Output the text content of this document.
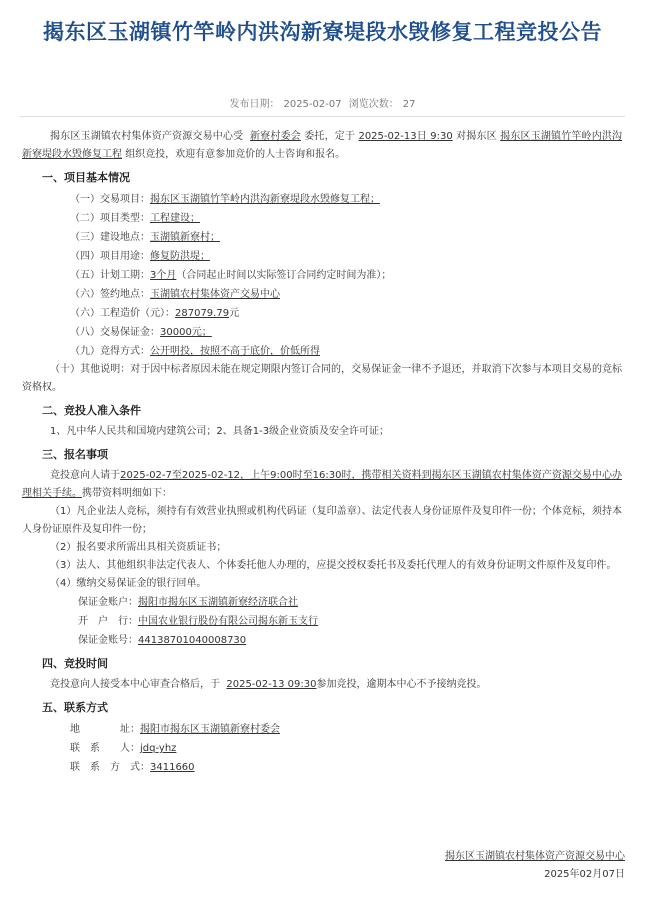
揭东区玉湖镇竹竿岭内洪沟新寮堤段水毁修复工程竞投公告
发布日期： 2025-02-07 浏览次数： 27

揭东区玉湖镇农村集体资产资源交易中心受 新寮村委会 委托，定于 2025-02-13日 9:30 对揭东区 揭东区玉湖镇竹竿岭内洪沟新寮堤段水毁修复工程 组织竞投，欢迎有意参加竞价的人士咨询和报名。

一、项目基本情况

（一）交易项目：揭东区玉湖镇竹竿岭内洪沟新寮堤段水毁修复工程；

（二）项目类型：工程建设；

（三）建设地点：玉湖镇新寮村；

（四）项目用途：修复防洪堤；

（五）计划工期：3个月（合同起止时间以实际签订合同约定时间为准）；

（六）签约地点：玉湖镇农村集体资产交易中心

（六）工程造价（元）：287079.79元

（八）交易保证金：30000元；

（九）竞得方式：公开明投，按照不高于底价，价低所得

（十）其他说明：对于因中标者原因未能在规定期限内签订合同的，交易保证金一律不予退还，并取消下次参与本项目交易的竞标资格权。

二、竞投人准入条件

1、凡中华人民共和国境内建筑公司；2、具备1-3级企业资质及安全许可证；

三、报名事项

竞投意向人请于2025-02-7至2025-02-12，上午9:00时至16:30时，携带相关资料到揭东区玉湖镇农村集体资产资源交易中心办理相关手续。携带资料明细如下：

（1）凡企业法人竞标，须持有有效营业执照或机构代码证（复印盖章）、法定代表人身份证原件及复印件一份；个体竞标，须持本人身份证原件及复印件一份；

（2）报名要求所需出具相关资质证书；

（3）法人、其他组织非法定代表人、个体委托他人办理的，应提交授权委托书及委托代理人的有效身份证明文件原件及复印件。

（4）缴纳交易保证金的银行回单。

保证金账户：揭阳市揭东区玉湖镇新寮经济联合社

开　户　行：中国农业银行股份有限公司揭东新玉支行

保证金账号：44138701040008730

四、竞投时间

竞投意向人接受本中心审查合格后，于 2025-02-13 09:30参加竞投，逾期本中心不予接纳竞投。

五、联系方式

地　　　　址：揭阳市揭东区玉湖镇新寮村委会

联　系　　人：jdq-yhz

联　系　方　式：3411660

揭东区玉湖镇农村集体资产资源交易中心
2025年02月07日
